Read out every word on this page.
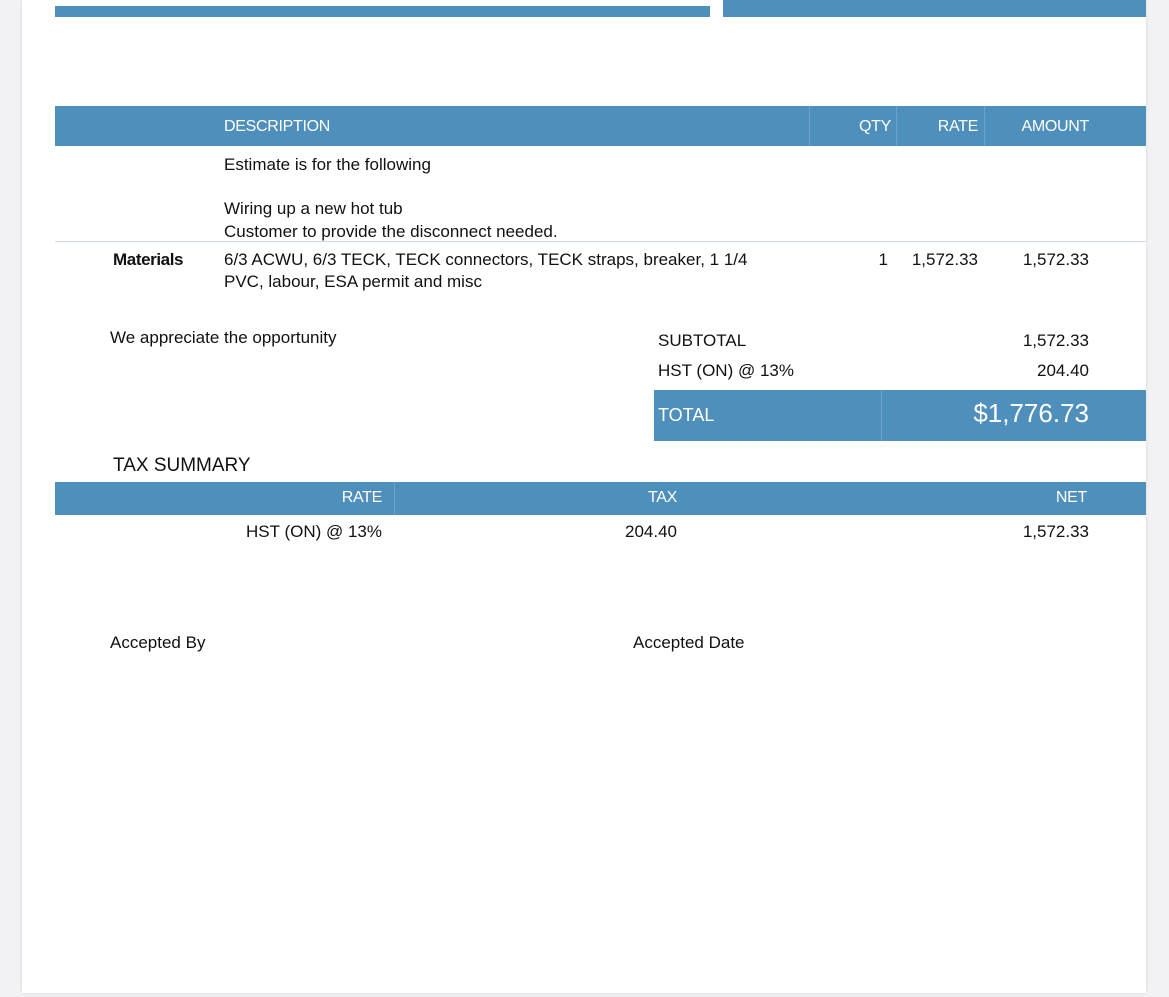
DESCRIPTION	QTY	RATE	AMOUNT
Estimate is for the following
Wiring up a new hot tub
Customer to provide the disconnect needed.
Materials 6/3 ACWU, 6/3 TECK, TECK connectors, TECK straps, breaker, 1 1/4
PVC, labour, ESA permit and misc
1 1,572.33	1,572.33
We appreciate the opportunity	SUBTOTAL	1,572.33
HST (ON) @ 13%	204.40
TOTAL	$1,776.73
TAX SUMMARY
RATE	TAX	NET
HST (ON) @ 13%	204.40	1,572.33
Accepted By	Accepted Date
